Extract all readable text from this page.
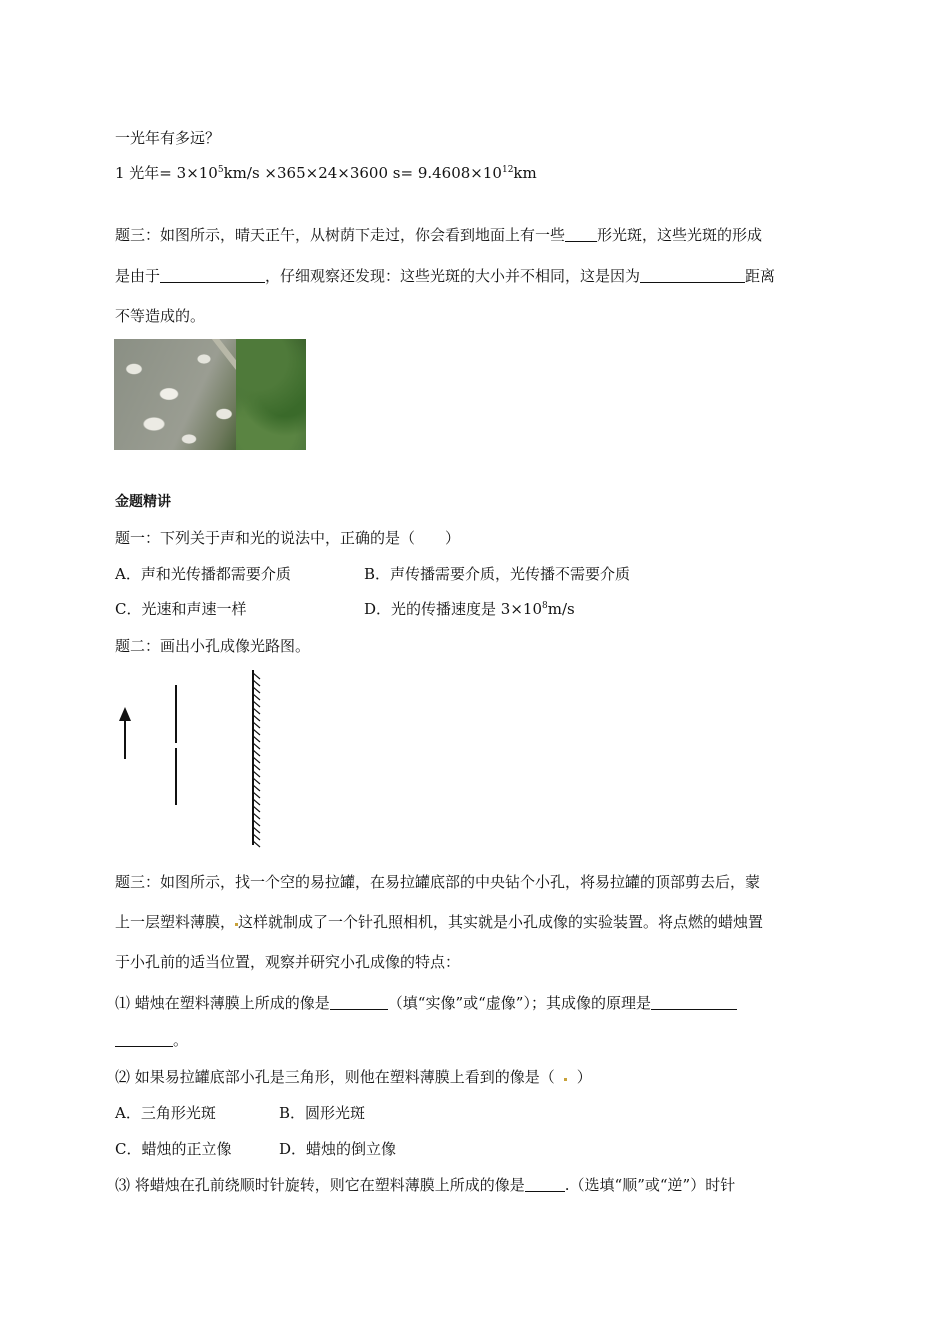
一光年有多远？
1 光年= $3\times 10^5km/s \times 365\times 24\times 3600$ $s= 9.4608\times 10^{12}km$
题三：如图所示，晴天正午，从树荫下走过，你会看到地面上有一些 形光斑，这些光斑的形成
是由于	，仔细观察还发现：这些光斑的大小并不相同，这是因为	距离
不等造成的。
金题精讲
题一：下列关于声和光的说法中，正确的是（　　）
A．声和光传播都需要介质	B．声传播需要介质，光传播不需要介质
C．光速和声速一样	D．光的传播速度是 $3\times 10^8m/s$
题二：画出小孔成像光路图。
题三：如图所示，找一个空的易拉罐，在易拉罐底部的中央钻个小孔，将易拉罐的顶部剪去后，蒙
上一层塑料薄膜， 这样就制成了一个针孔照相机，其实就是小孔成像的实验装置。将点燃的蜡烛置
于小孔前的适当位置，观察并研究小孔成像的特点：
⑴ 蜡烛在塑料薄膜上所成的像是	（填“实像”或“虚像”）；其成像的原理是
。
⑵ 如果易拉罐底部小孔是三角形，则他在塑料薄膜上看到的像是（ ）
A．三角形光斑	B．圆形光斑
C．蜡烛的正立像	D．蜡烛的倒立像
⑶ 将蜡烛在孔前绕顺时针旋转，则它在塑料薄膜上所成的像是	.（选填“顺”或“逆”）时针
